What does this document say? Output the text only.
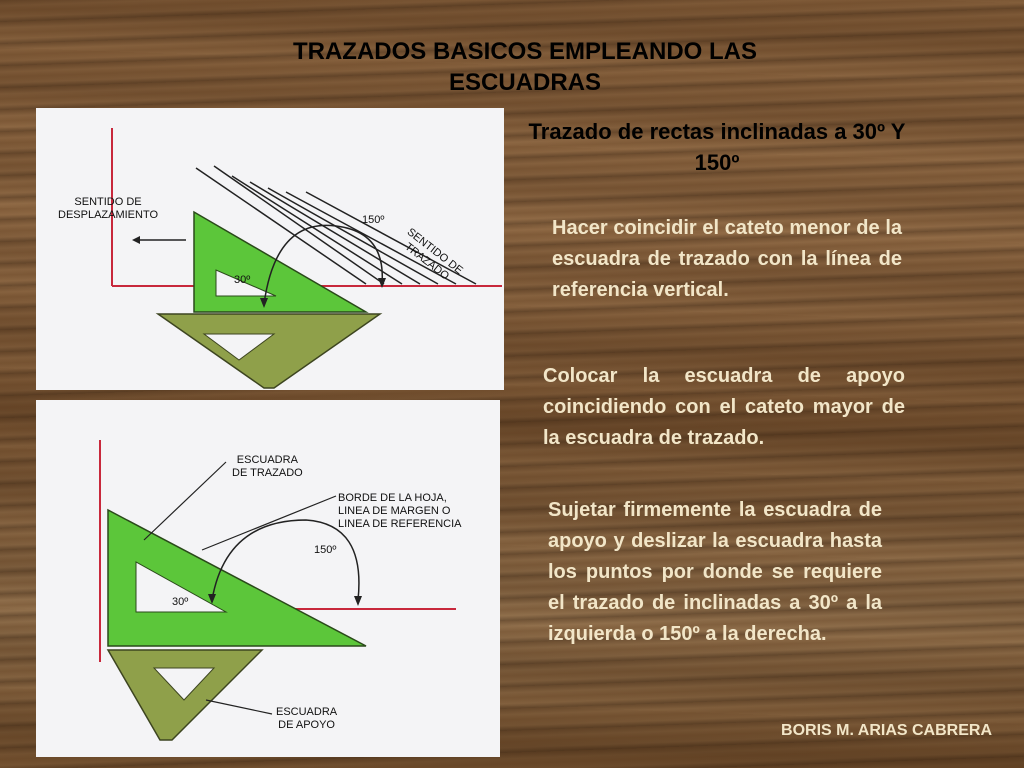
TRAZADOS BASICOS EMPLEANDO LAS ESCUADRAS
Trazado de rectas inclinadas a 30º Y 150º
SENTIDO DE
DESPLAZAMIENTO
SENTIDO DE
TRAZADO
150º
30º
ESCUADRA
DE TRAZADO
BORDE DE LA HOJA,
LINEA DE MARGEN O
LINEA DE REFERENCIA
150º
30º
ESCUADRA
DE APOYO
Hacer coincidir el cateto menor de la escuadra de trazado con la línea de referencia vertical.
Colocar la escuadra de apoyo coincidiendo con el cateto mayor de la escuadra de trazado.
Sujetar firmemente la escuadra de apoyo y deslizar la escuadra hasta los puntos por donde se requiere el trazado de inclinadas a 30º a la izquierda o 150º a la derecha.
BORIS M. ARIAS CABRERA
